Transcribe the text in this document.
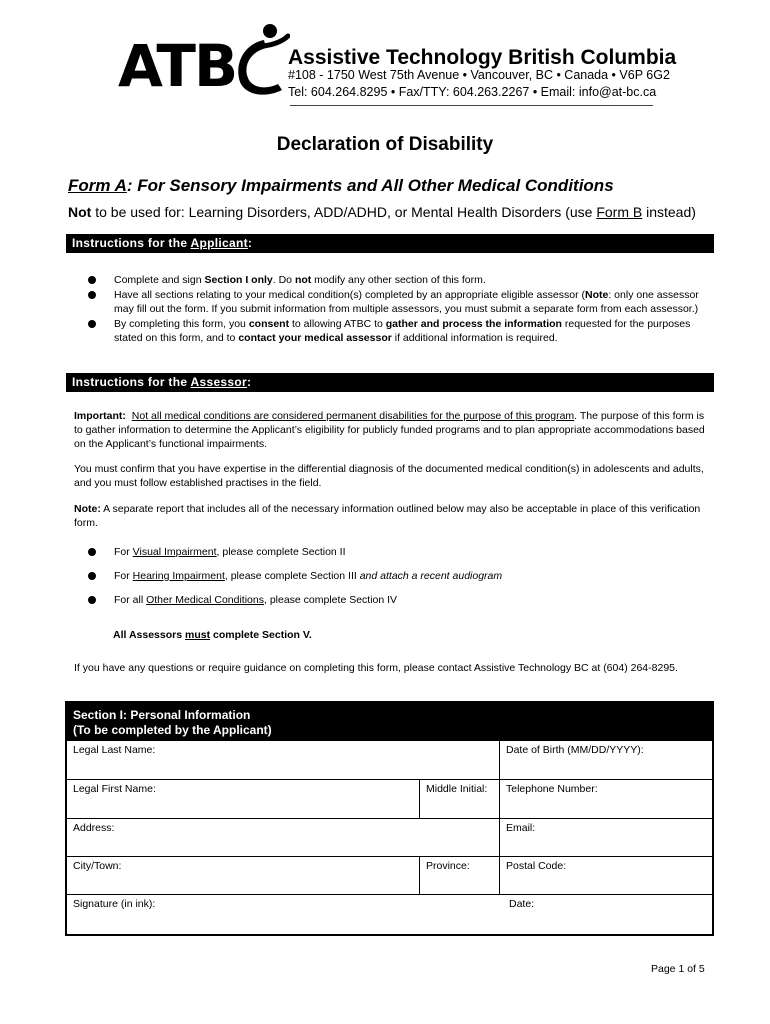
ATB Assistive Technology British Columbia
#108 - 1750 West 75th Avenue • Vancouver, BC • Canada • V6P 6G2
Tel: 604.264.8295 • Fax/TTY: 604.263.2267 • Email: info@at-bc.ca
Declaration of Disability
Form A: For Sensory Impairments and All Other Medical Conditions
Not to be used for: Learning Disorders, ADD/ADHD, or Mental Health Disorders (use Form B instead)
Instructions for the Applicant:
Complete and sign Section I only. Do not modify any other section of this form.
Have all sections relating to your medical condition(s) completed by an appropriate eligible assessor (Note: only one assessor may fill out the form. If you submit information from multiple assessors, you must submit a separate form from each assessor.)
By completing this form, you consent to allowing ATBC to gather and process the information requested for the purposes stated on this form, and to contact your medical assessor if additional information is required.
Instructions for the Assessor:
Important: Not all medical conditions are considered permanent disabilities for the purpose of this program. The purpose of this form is to gather information to determine the Applicant’s eligibility for publicly funded programs and to plan appropriate accommodations based on the Applicant’s functional impairments.
You must confirm that you have expertise in the differential diagnosis of the documented medical condition(s) in adolescents and adults, and you must follow established practises in the field.
Note: A separate report that includes all of the necessary information outlined below may also be acceptable in place of this verification form.
For Visual Impairment, please complete Section II
For Hearing Impairment, please complete Section III and attach a recent audiogram
For all Other Medical Conditions, please complete Section IV
All Assessors must complete Section V.
If you have any questions or require guidance on completing this form, please contact Assistive Technology BC at (604) 264-8295.
Section I: Personal Information
(To be completed by the Applicant)
Legal Last Name:	Date of Birth (MM/DD/YYYY):
Legal First Name:	Middle Initial:	Telephone Number:
Address:	Email:
City/Town:	Province:	Postal Code:
Signature (in ink):	Date:
Page 1 of 5
